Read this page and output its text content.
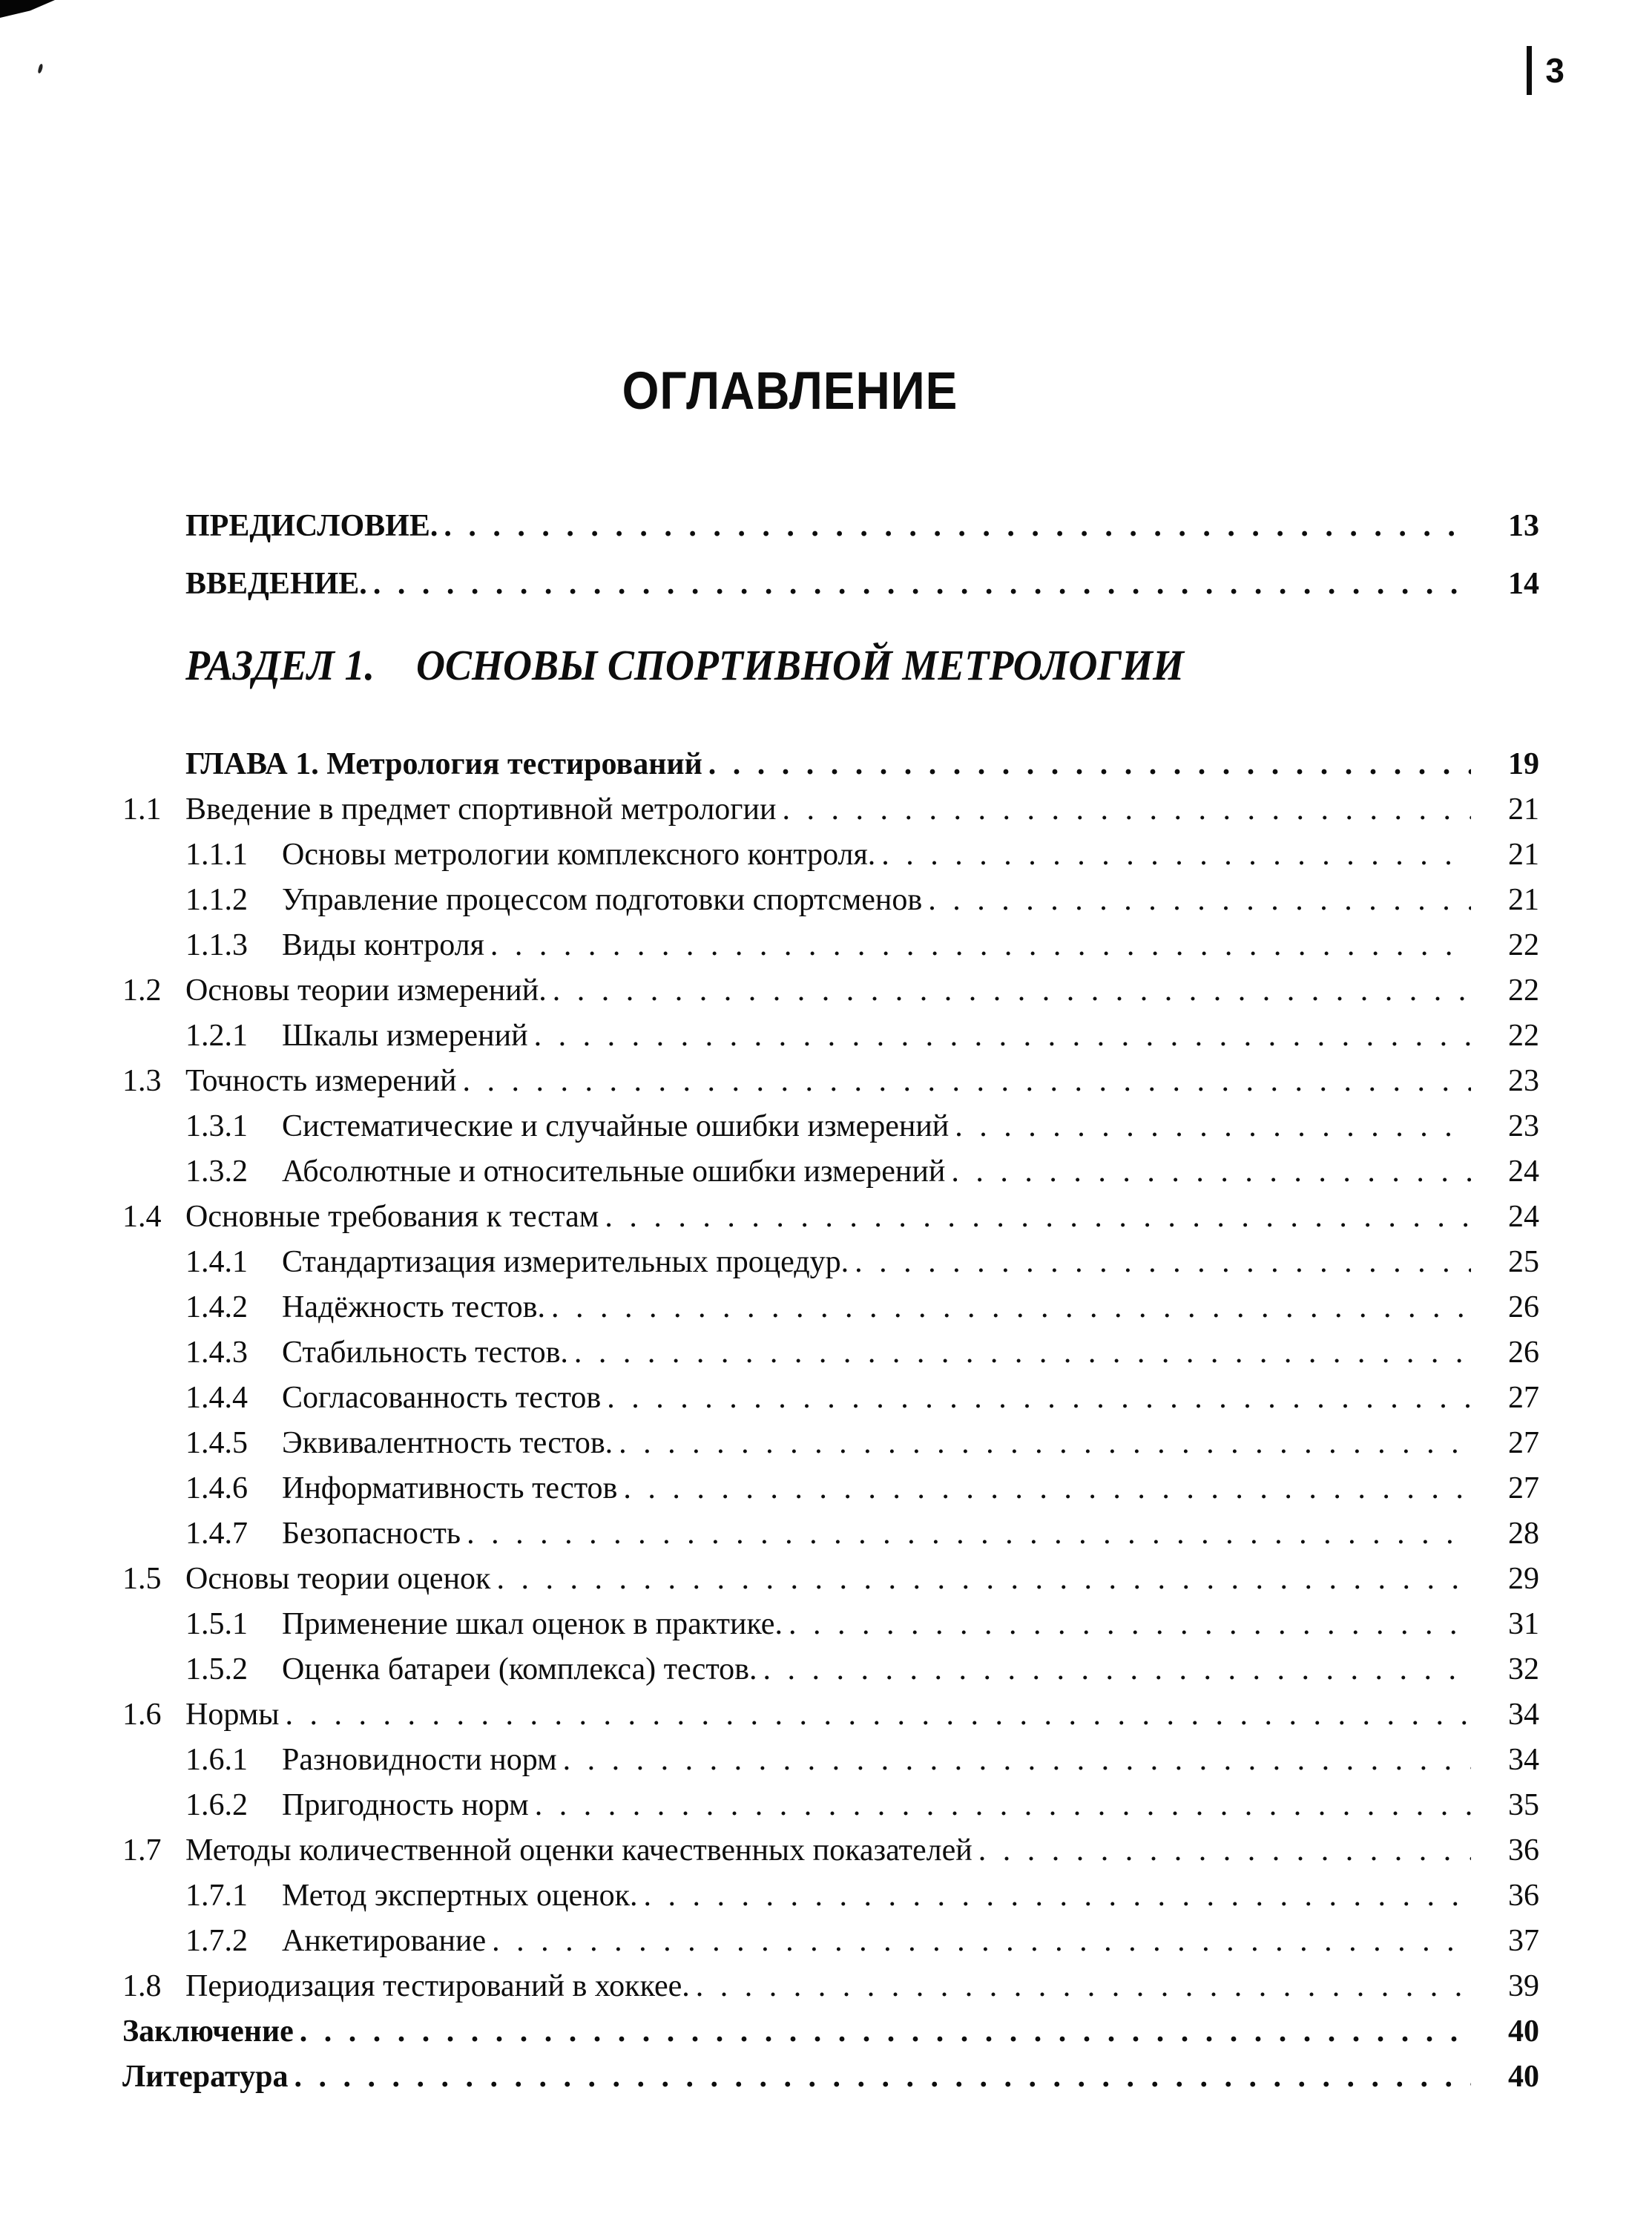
3
ОГЛАВЛЕНИЕ
ПРЕДИСЛОВИЕ. . . .	13
ВВЕДЕНИЕ. . . .	14
РАЗДЕЛ 1. ОСНОВЫ СПОРТИВНОЙ МЕТРОЛОГИИ
ГЛАВА 1. Метрология тестирований . . .	19
1.1 Введение в предмет спортивной метрологии . . .	21
1.1.1	Основы метрологии комплексного контроля. . . .	21
1.1.2	Управление процессом подготовки спортсменов . . .	21
1.1.3	Виды контроля . . .	22
1.2 Основы теории измерений. . . .	22
1.2.1	Шкалы измерений . . .	22
1.3 Точность измерений . . .	23
1.3.1	Систематические и случайные ошибки измерений . . .	23
1.3.2	Абсолютные и относительные ошибки измерений . . .	24
1.4 Основные требования к тестам . . .	24
1.4.1	Стандартизация измерительных процедур. . . .	25
1.4.2	Надёжность тестов. . . .	26
1.4.3	Стабильность тестов. . . .	26
1.4.4	Согласованность тестов . . .	27
1.4.5	Эквивалентность тестов. . . .	27
1.4.6	Информативность тестов . . .	27
1.4.7	Безопасность . . .	28
1.5 Основы теории оценок . . .	29
1.5.1	Применение шкал оценок в практике. . . .	31
1.5.2	Оценка батареи (комплекса) тестов. . . .	32
1.6 Нормы . . .	34
1.6.1	Разновидности норм . . .	34
1.6.2	Пригодность норм . . .	35
1.7 Методы количественной оценки качественных показателей . . .	36
1.7.1	Метод экспертных оценок. . . .	36
1.7.2	Анкетирование . . .	37
1.8 Периодизация тестирований в хоккее. . . .	39
Заключение . . .	40
Литература . . .	40
